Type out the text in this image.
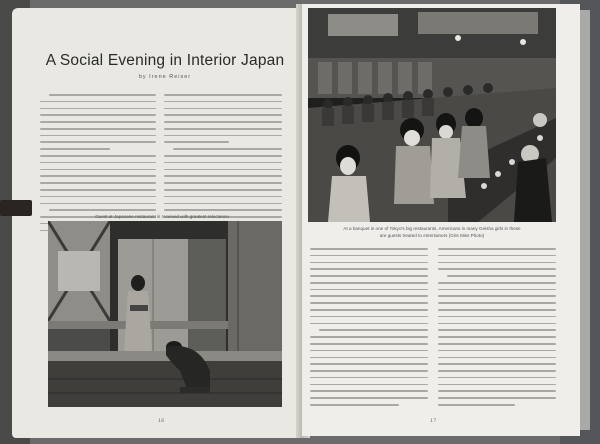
A Social Evening in Interior Japan
by Irene Reiser
Guest at Japanese restaurant is received with greatest reluctance
16
At a banquet in one of Tokyo's big restaurants, Americans in many Geisha girls in these
are guests treated to entertainers (Gris Miss Photo)
17
